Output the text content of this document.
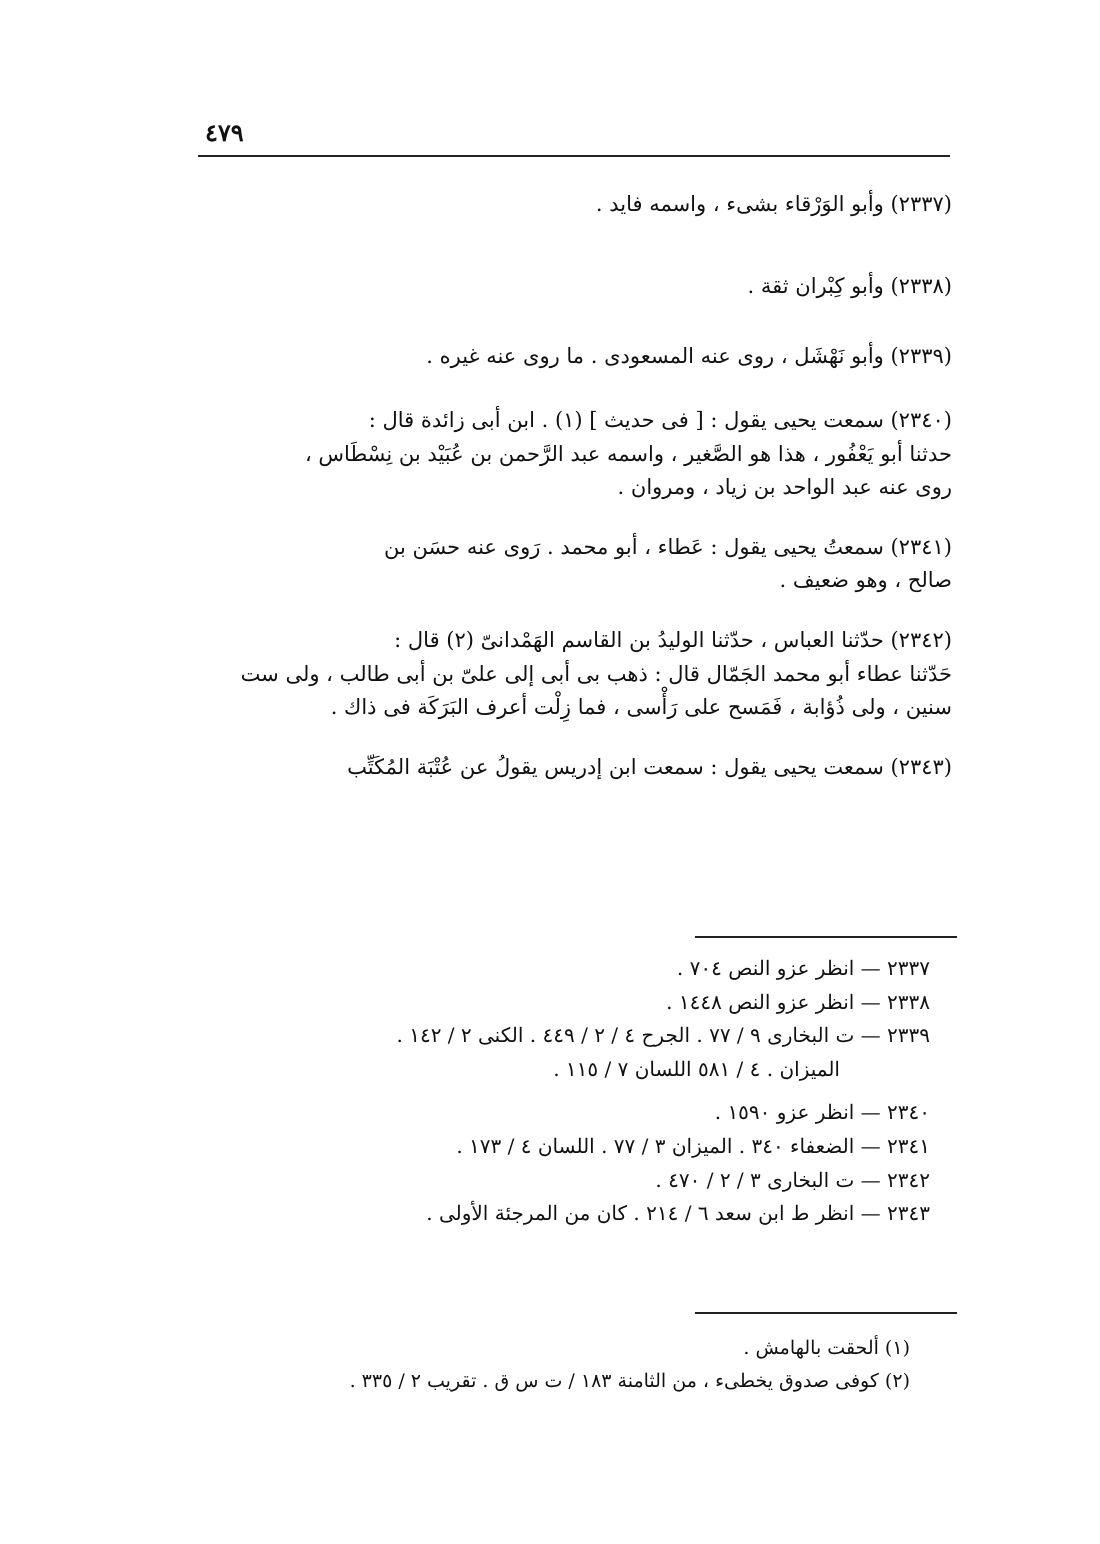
٤٧٩

(٢٣٣٧) وأبو الوَرْقاء بشىء ، واسمه فايد .

(٢٣٣٨) وأبو كِبْران ثقة .

(٢٣٣٩) وأبو نَهْشَل ، روى عنه المسعودى . ما روى عنه غيره .

(٢٣٤٠) سمعت يحيى يقول : [ فى حديث ] (١) . ابن أبى زائدة قال :

حدثنا أبو يَعْفُور ، هذا هو الصَّغير ، واسمه عبد الرَّحمن بن عُبَيْد بن نِسْطَاس ،

روى عنه عبد الواحد بن زياد ، ومروان .

(٢٣٤١) سمعتُ يحيى يقول : عَطاء ، أبو محمد . رَوى عنه حسَن بن

صالح ، وهو ضعيف .

(٢٣٤٢) حدّثنا العباس ، حدّثنا الوليدُ بن القاسم الهَمْدانىّ (٢) قال :

حَدّثنا عطاء أبو محمد الجَمّال قال : ذهب بى أبى إلى علىّ بن أبى طالب ، ولى ست

سنين ، ولى ذُؤابة ، فَمَسح على رَأْسى ، فما زِلْت أعرف البَرَكَة فى ذاك .

(٢٣٤٣) سمعت يحيى يقول : سمعت ابن إدريس يقولُ عن عُتْبَة المُكَتِّب

٢٣٣٧ — انظر عزو النص ٧٠٤ .
٢٣٣٨ — انظر عزو النص ١٤٤٨ .
٢٣٣٩ — ت البخارى ٩ / ٧٧ . الجرح ٤ / ٢ / ٤٤٩ . الكنى ٢ / ١٤٢ .
الميزان . ٤ / ٥٨١ اللسان ٧ / ١١٥ .
٢٣٤٠ — انظر عزو ١٥٩٠ .
٢٣٤١ — الضعفاء ٣٤٠ . الميزان ٣ / ٧٧ . اللسان ٤ / ١٧٣ .
٢٣٤٢ — ت البخارى ٣ / ٢ / ٤٧٠ .
٢٣٤٣ — انظر ط ابن سعد ٦ / ٢١٤ . كان من المرجئة الأولى .
(١) ألحقت بالهامش .
(٢) كوفى صدوق يخطىء ، من الثامنة ١٨٣ / ت س ق . تقريب ٢ / ٣٣٥ .
